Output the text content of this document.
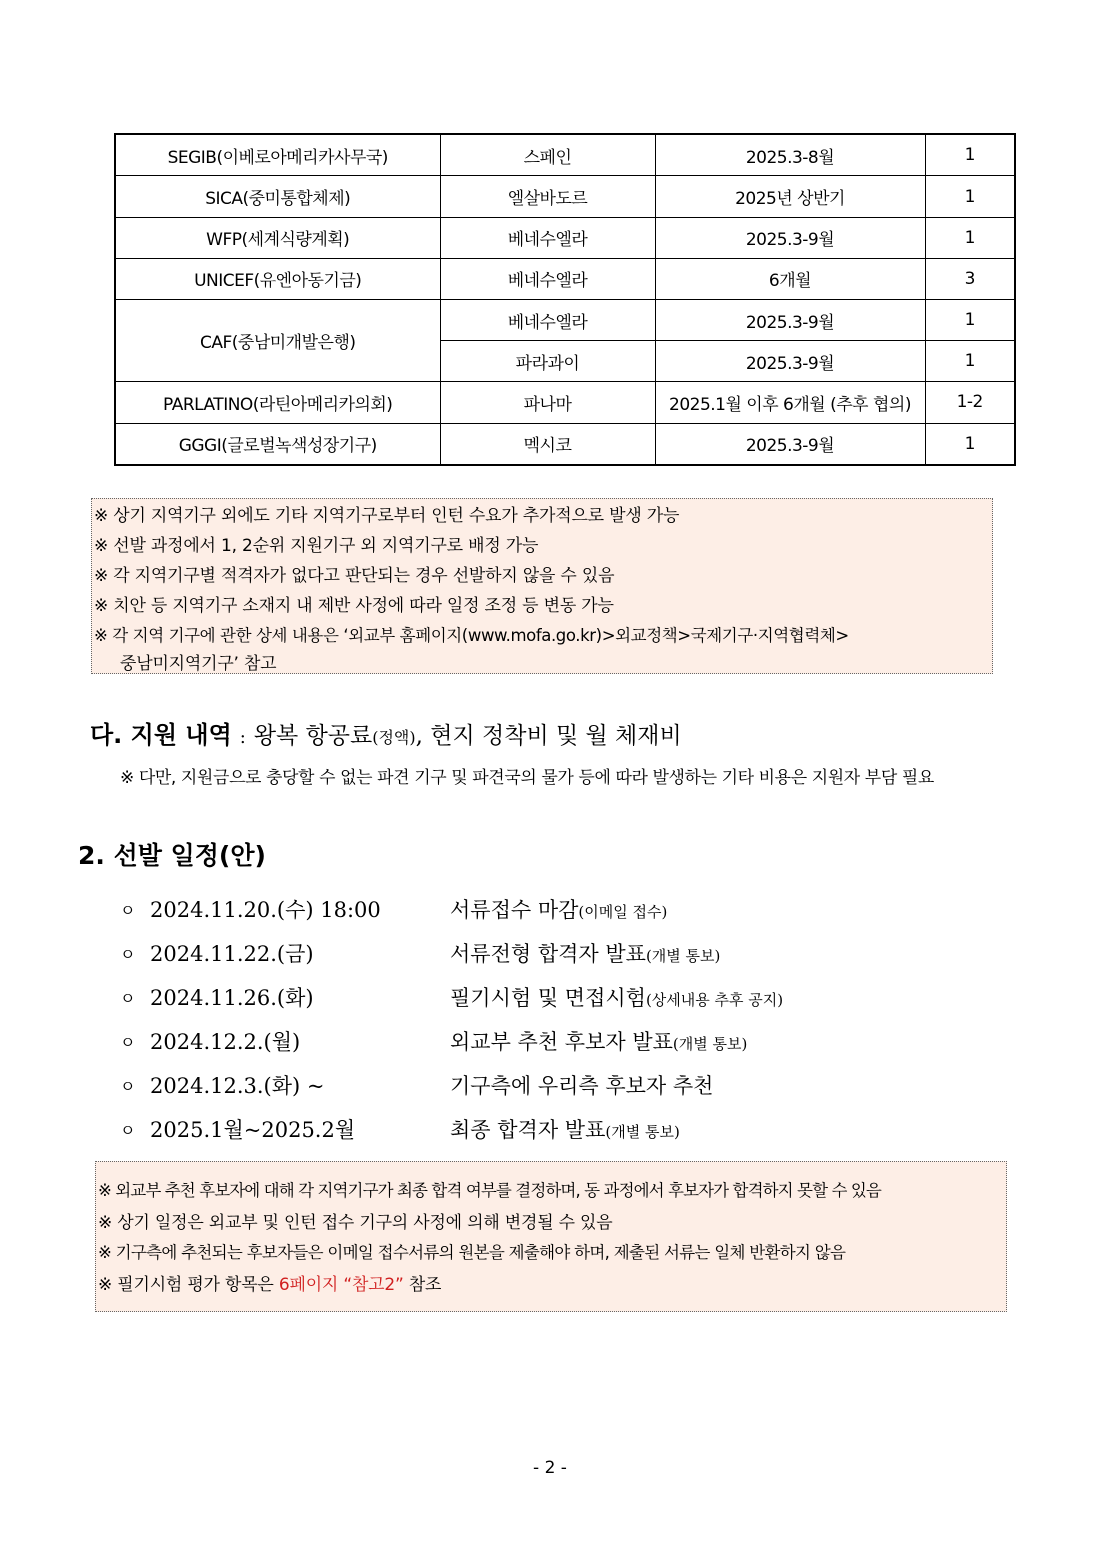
SEGIB(이베로아메리카사무국)	스페인	2025.3-8월	1
SICA(중미통합체제)	엘살바도르	2025년 상반기	1
WFP(세계식량계획)	베네수엘라	2025.3-9월	1
UNICEF(유엔아동기금)	베네수엘라	6개월	3
CAF(중남미개발은행)	베네수엘라	2025.3-9월	1
	파라과이	2025.3-9월	1
PARLATINO(라틴아메리카의회)	파나마	2025.1월 이후 6개월 (추후 협의)	1-2
GGGI(글로벌녹색성장기구)	멕시코	2025.3-9월	1
※ 상기 지역기구 외에도 기타 지역기구로부터 인턴 수요가 추가적으로 발생 가능
※ 선발 과정에서 1, 2순위 지원기구 외 지역기구로 배정 가능
※ 각 지역기구별 적격자가 없다고 판단되는 경우 선발하지 않을 수 있음
※ 치안 등 지역기구 소재지 내 제반 사정에 따라 일정 조정 등 변동 가능
※ 각 지역 기구에 관한 상세 내용은 ‘외교부 홈페이지(www.mofa.go.kr)>외교정책>국제기구·지역협력체>
중남미지역기구’ 참고
다. 지원 내역 : 왕복 항공료(정액), 현지 정착비 및 월 체재비
※ 다만, 지원금으로 충당할 수 없는 파견 기구 및 파견국의 물가 등에 따라 발생하는 기타 비용은 지원자 부담 필요
2. 선발 일정(안)
ㅇ 2024.11.20.(수) 18:00	서류접수 마감(이메일 접수)
ㅇ 2024.11.22.(금)	서류전형 합격자 발표(개별 통보)
ㅇ 2024.11.26.(화)	필기시험 및 면접시험(상세내용 추후 공지)
ㅇ 2024.12.2.(월)	외교부 추천 후보자 발표(개별 통보)
ㅇ 2024.12.3.(화) ~	기구측에 우리측 후보자 추천
ㅇ 2025.1월~2025.2월	최종 합격자 발표(개별 통보)
※ 외교부 추천 후보자에 대해 각 지역기구가 최종 합격 여부를 결정하며, 동 과정에서 후보자가 합격하지 못할 수 있음
※ 상기 일정은 외교부 및 인턴 접수 기구의 사정에 의해 변경될 수 있음
※ 기구측에 추천되는 후보자들은 이메일 접수서류의 원본을 제출해야 하며, 제출된 서류는 일체 반환하지 않음
※ 필기시험 평가 항목은 6페이지 “참고2” 참조
- 2 -
